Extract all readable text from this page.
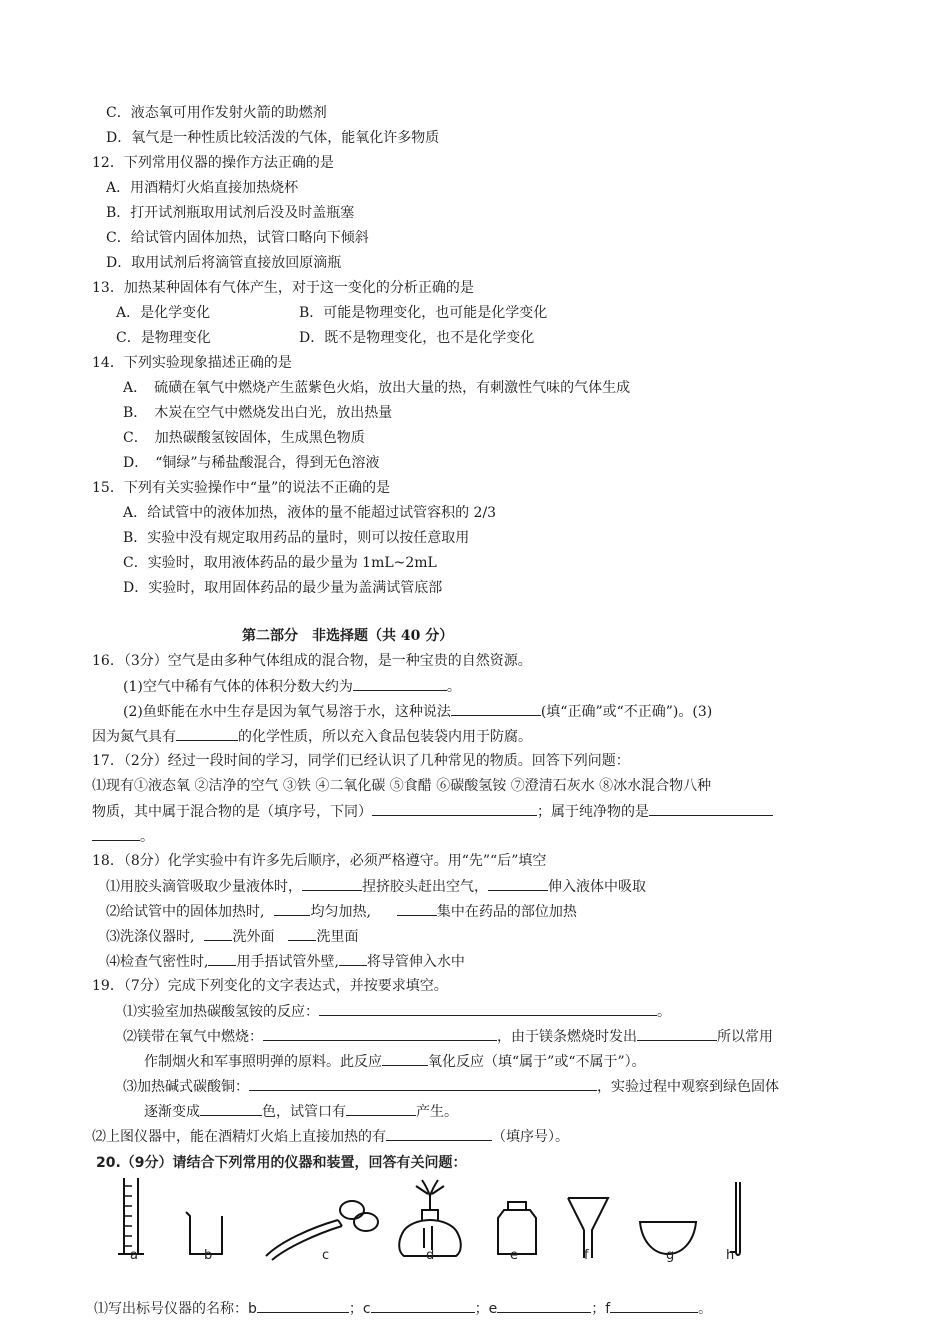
C．液态氧可用作发射火箭的助燃剂
D．氧气是一种性质比较活泼的气体，能氧化许多物质
12．下列常用仪器的操作方法正确的是
A．用酒精灯火焰直接加热烧杯
B．打开试剂瓶取用试剂后没及时盖瓶塞
C．给试管内固体加热，试管口略向下倾斜
D．取用试剂后将滴管直接放回原滴瓶
13．加热某种固体有气体产生，对于这一变化的分析正确的是
A．是化学变化	B．可能是物理变化，也可能是化学变化
C．是物理变化	D．既不是物理变化，也不是化学变化
14．下列实验现象描述正确的是
A．　硫磺在氧气中燃烧产生蓝紫色火焰，放出大量的热，有刺激性气味的气体生成
B．　木炭在空气中燃烧发出白光，放出热量
C．　加热碳酸氢铵固体，生成黑色物质
D．　“铜绿”与稀盐酸混合，得到无色溶液
15．下列有关实验操作中“量”的说法不正确的是
A．给试管中的液体加热，液体的量不能超过试管容积的 2/3
B．实验中没有规定取用药品的量时，则可以按任意取用
C．实验时，取用液体药品的最少量为 1mL~2mL
D．实验时，取用固体药品的最少量为盖满试管底部
第二部分　非选择题（共 40 分）
16．（3分）空气是由多种气体组成的混合物，是一种宝贵的自然资源。
(1)空气中稀有气体的体积分数大约为	。
(2)鱼虾能在水中生存是因为氧气易溶于水，这种说法	(填“正确”或“不正确”)。(3)
因为氮气具有	的化学性质，所以充入食品包装袋内用于防腐。
17．（2分）经过一段时间的学习，同学们已经认识了几种常见的物质。回答下列问题：
⑴现有①液态氧 ②洁净的空气 ③铁 ④二氧化碳 ⑤食醋 ⑥碳酸氢铵 ⑦澄清石灰水 ⑧冰水混合物八种
物质，其中属于混合物的是（填序号，下同）	；属于纯净物的是
。
18．（8分）化学实验中有许多先后顺序，必须严格遵守。用“先”“后”填空
⑴用胶头滴管吸取少量液体时，	捏挤胶头赶出空气，	伸入液体中吸取
⑵给试管中的固体加热时,	均匀加热,	集中在药品的部位加热
⑶洗涤仪器时,	洗外面	洗里面
⑷检查气密性时, 用手捂试管外壁, 将导管伸入水中
19．（7分）完成下列变化的文字表达式，并按要求填空。
⑴实验室加热碳酸氢铵的反应：	。
⑵镁带在氧气中燃烧：	，由于镁条燃烧时发出	所以常用
作制烟火和军事照明弹的原料。此反应	氧化反应（填“属于”或“不属于”）。
⑶加热碱式碳酸铜：	，实验过程中观察到绿色固体
逐渐变成	色，试管口有	产生。
⑵上图仪器中，能在酒精灯火焰上直接加热的有	（填序号）。
20.（9分）请结合下列常用的仪器和装置，回答有关问题：
a	b	c	d	e	f	g	h
⑴写出标号仪器的名称：b	；c	；e	；f	。
